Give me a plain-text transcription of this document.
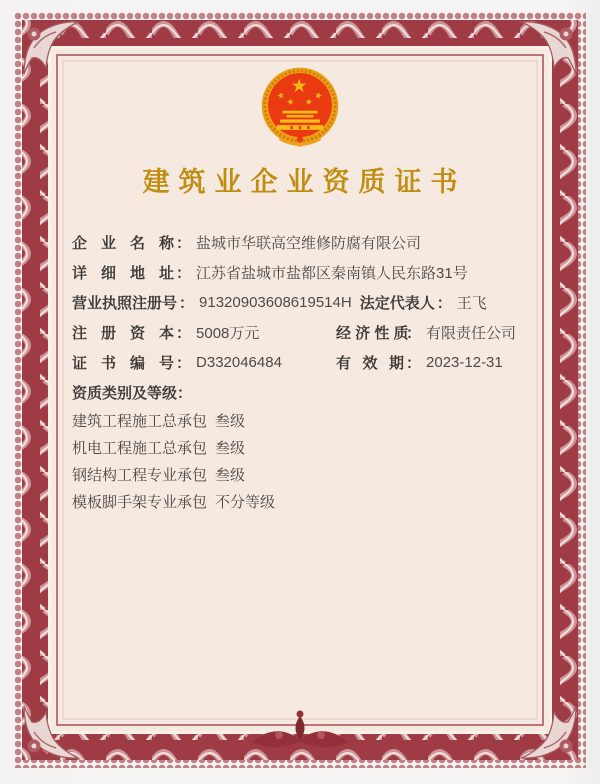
建筑业企业资质证书
企 业 名 称 ： 盐城市华联高空维修防腐有限公司
详 细 地 址 ： 江苏省盐城市盐都区秦南镇人民东路31号
营业执照注册号 ： 91320903608619514H 法定代表人 ： 王飞
注 册 资 本 ： 5008万元	经 济 性 质
： 有限责任公司
证 书 编 号 ： D332046484	有 效 期 ： 2023-12-31
资质类别及等级：
建筑工程施工总承包 叁级
机电工程施工总承包 叁级
钢结构工程专业承包 叁级
模板脚手架专业承包 不分等级
